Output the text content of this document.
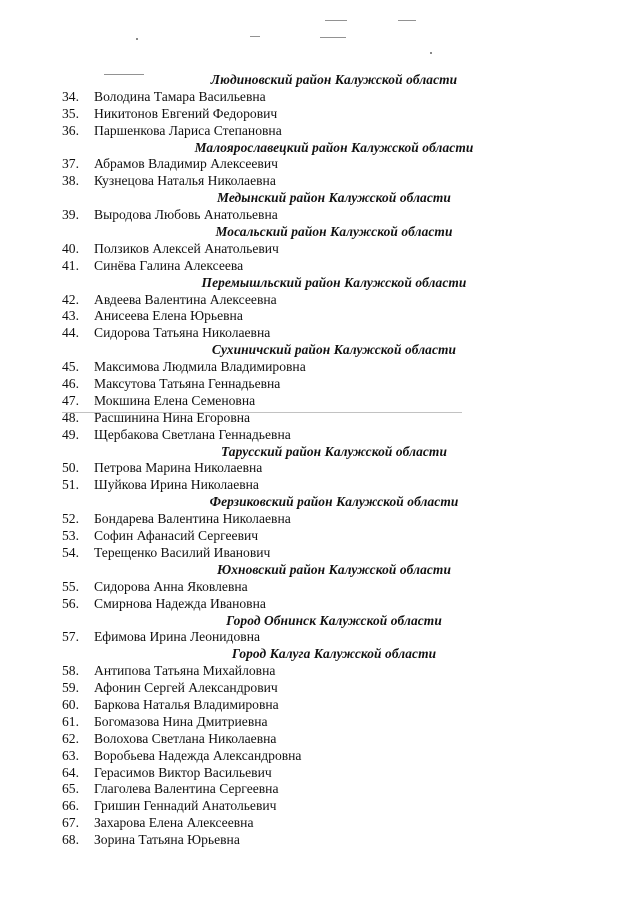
Людиновский район Калужской области
34.	Володина Тамара Васильевна
35.	Никитонов Евгений Федорович
36.	Паршенкова Лариса Степановна
Малоярославецкий район Калужской области
37.	Абрамов Владимир Алексеевич
38.	Кузнецова Наталья Николаевна
Медынский район Калужской области
39.	Выродова Любовь Анатольевна
Мосальский район Калужской области
40.	Ползиков Алексей Анатольевич
41.	Синёва Галина Алексеева
Перемышльский район Калужской области
42.	Авдеева Валентина Алексеевна
43.	Анисеева Елена Юрьевна
44.	Сидорова Татьяна Николаевна
Сухиничский район Калужской области
45.	Максимова Людмила Владимировна
46.	Максутова Татьяна Геннадьевна
47.	Мокшина Елена Семеновна
48.	Расшинина Нина Егоровна
49.	Щербакова Светлана Геннадьевна
Тарусский район Калужской области
50.	Петрова Марина Николаевна
51.	Шуйкова Ирина Николаевна
Ферзиковский район Калужской области
52.	Бондарева Валентина Николаевна
53.	Софин Афанасий Сергеевич
54.	Терещенко Василий Иванович
Юхновский район Калужской области
55.	Сидорова Анна Яковлевна
56.	Смирнова Надежда Ивановна
Город Обнинск Калужской области
57.	Ефимова Ирина Леонидовна
Город Калуга Калужской области
58.	Антипова Татьяна Михайловна
59.	Афонин Сергей Александрович
60.	Баркова Наталья Владимировна
61.	Богомазова Нина Дмитриевна
62.	Волохова Светлана Николаевна
63.	Воробьева Надежда Александровна
64.	Герасимов Виктор Васильевич
65.	Глаголева Валентина Сергеевна
66.	Гришин Геннадий Анатольевич
67.	Захарова Елена Алексеевна
68.	Зорина Татьяна Юрьевна
